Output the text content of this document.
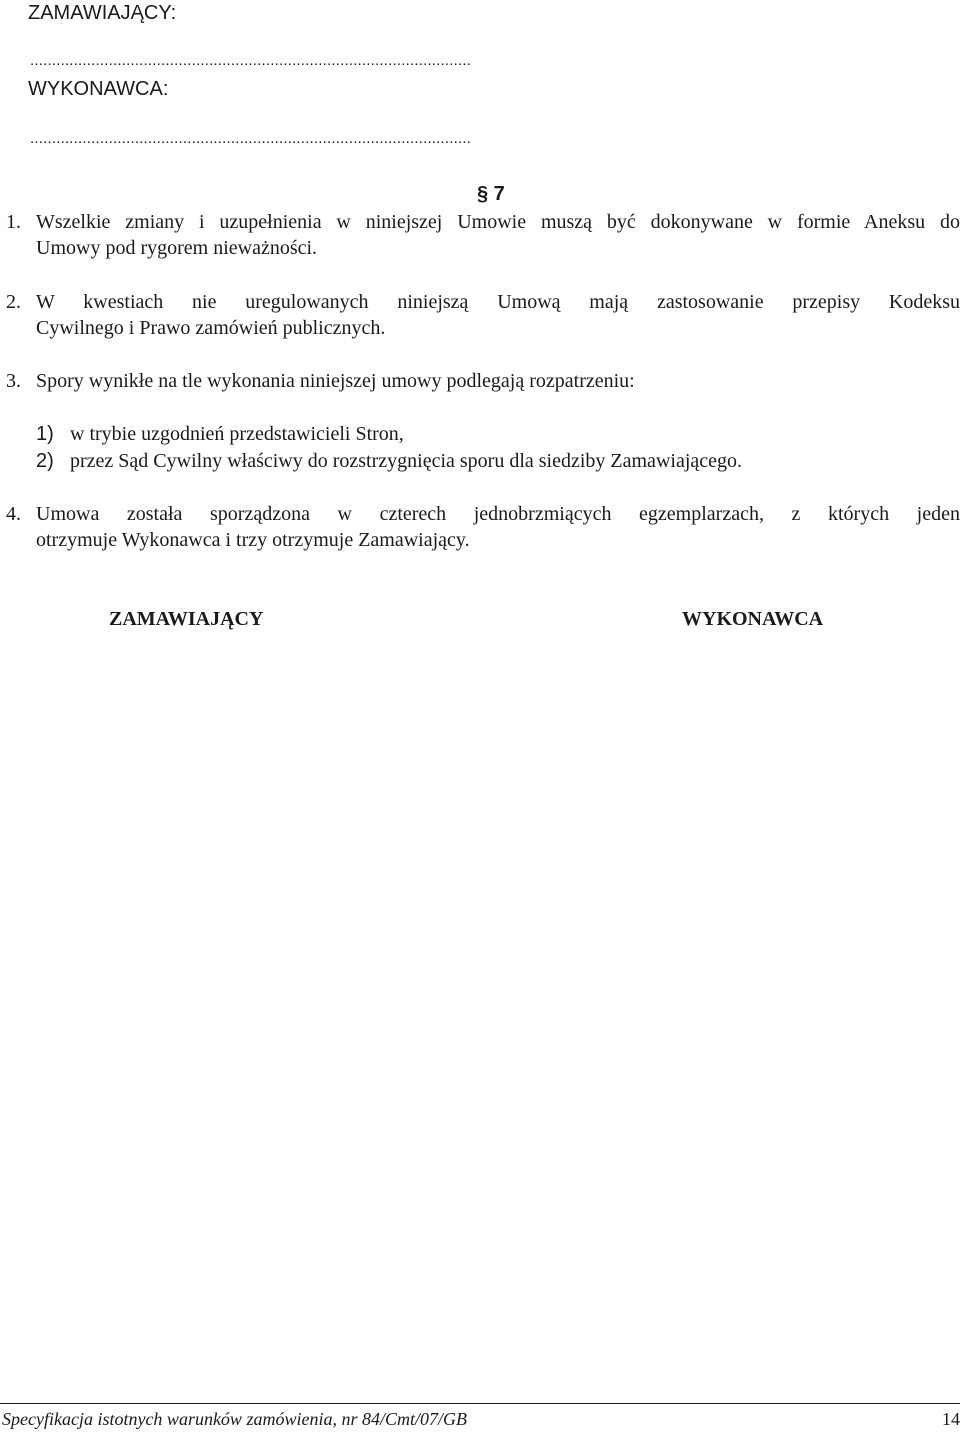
ZAMAWIAJĄCY:
.....................................................................................................
WYKONAWCA:
.....................................................................................................
§ 7
1. Wszelkie zmiany i uzupełnienia w niniejszej Umowie muszą być dokonywane w formie Aneksu do
Umowy pod rygorem nieważności.
2. W kwestiach nie uregulowanych niniejszą Umową mają zastosowanie przepisy Kodeksu
Cywilnego i Prawo zamówień publicznych.
3. Spory wynikłe na tle wykonania niniejszej umowy podlegają rozpatrzeniu:
1) w trybie uzgodnień przedstawicieli Stron,
2) przez Sąd Cywilny właściwy do rozstrzygnięcia sporu dla siedziby Zamawiającego.
4. Umowa została sporządzona w czterech jednobrzmiących egzemplarzach, z których jeden
otrzymuje Wykonawca i trzy otrzymuje Zamawiający.
ZAMAWIAJĄCY	WYKONAWCA
Specyfikacja istotnych warunków zamówienia, nr 84/Cmt/07/GB	14
